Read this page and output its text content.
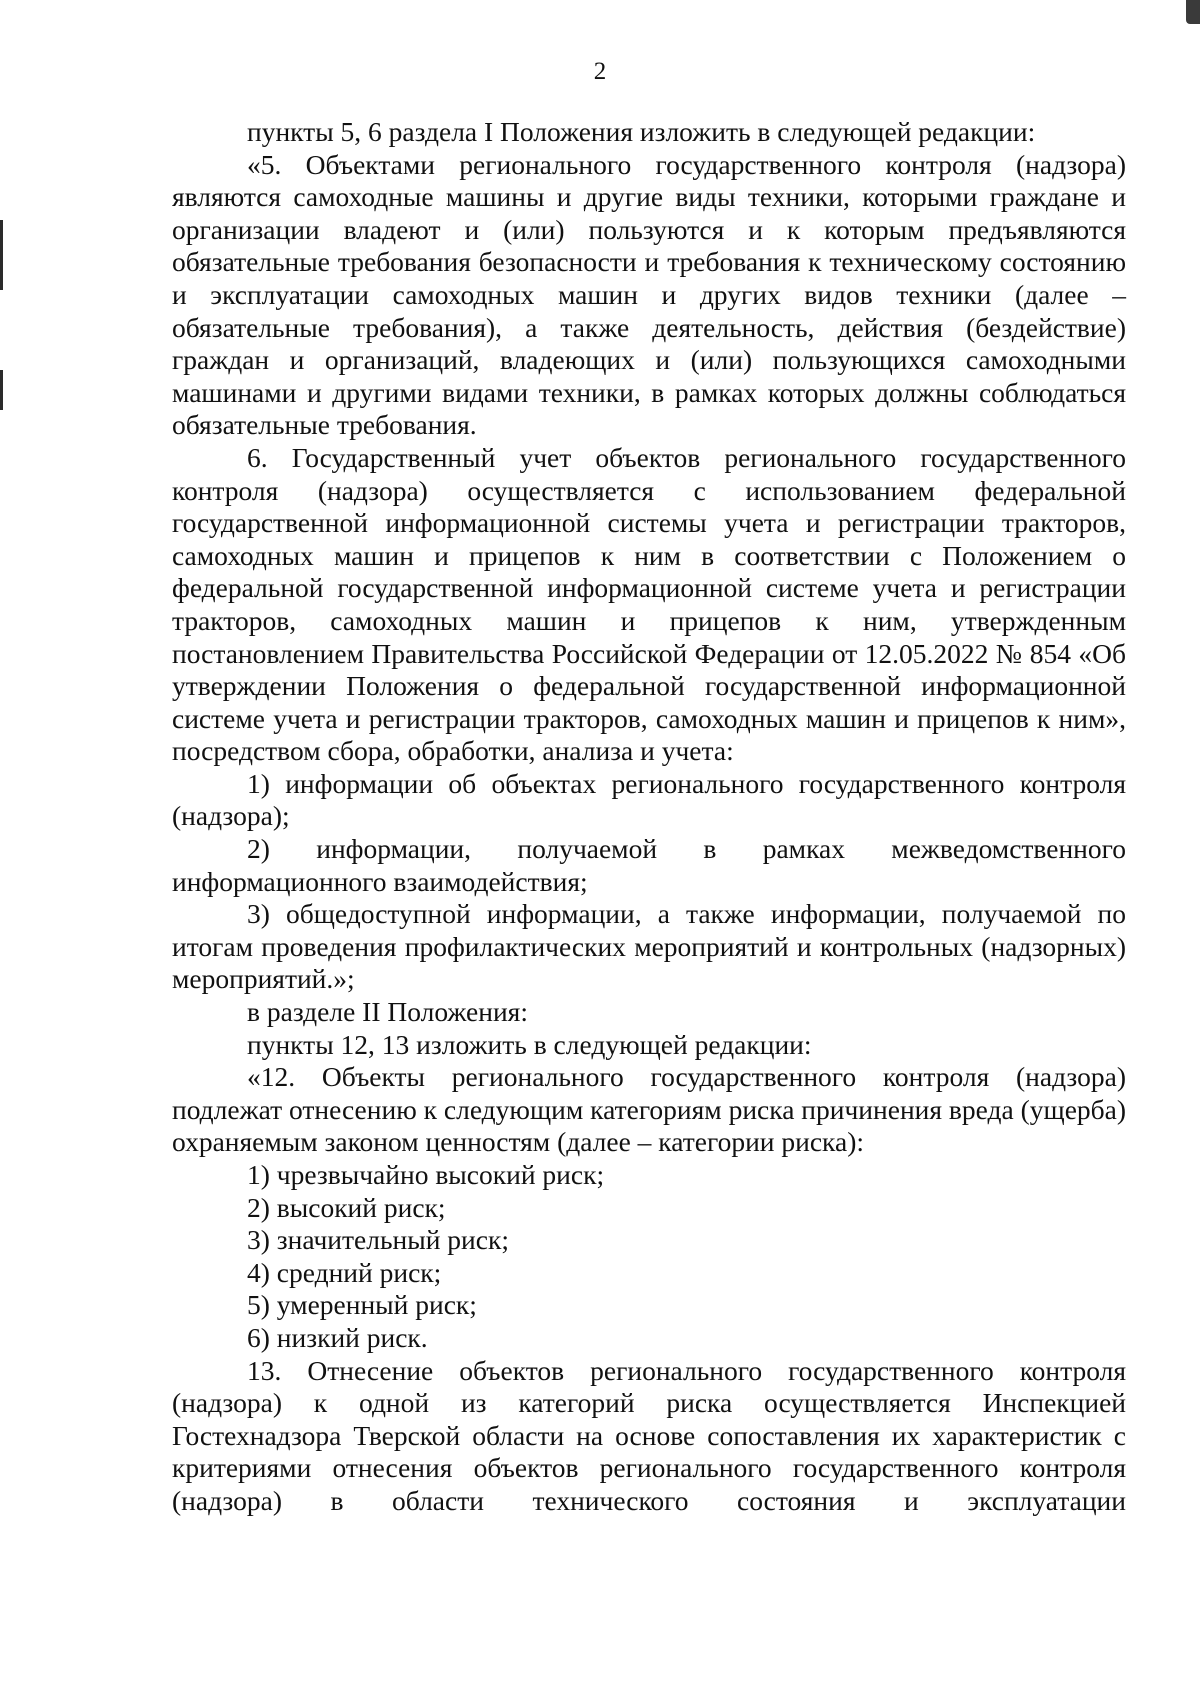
2

пункты 5, 6 раздела I Положения изложить в следующей редакции:

«5. Объектами регионального государственного контроля (надзора) являются самоходные машины и другие виды техники, которыми граждане и организации владеют и (или) пользуются и к которым предъявляются обязательные требования безопасности и требования к техническому состоянию и эксплуатации самоходных машин и других видов техники (далее – обязательные требования), а также деятельность, действия (бездействие) граждан и организаций, владеющих и (или) пользующихся самоходными машинами и другими видами техники, в рамках которых должны соблюдаться обязательные требования.

6. Государственный учет объектов регионального государственного контроля (надзора) осуществляется с использованием федеральной государственной информационной системы учета и регистрации тракторов, самоходных машин и прицепов к ним в соответствии с Положением о федеральной государственной информационной системе учета и регистрации тракторов, самоходных машин и прицепов к ним, утвержденным постановлением Правительства Российской Федерации от 12.05.2022 № 854 «Об утверждении Положения о федеральной государственной информационной системе учета и регистрации тракторов, самоходных машин и прицепов к ним», посредством сбора, обработки, анализа и учета:

1) информации об объектах регионального государственного контроля (надзора);

2) информации, получаемой в рамках межведомственного информационного взаимодействия;

3) общедоступной информации, а также информации, получаемой по итогам проведения профилактических мероприятий и контрольных (надзорных) мероприятий.»;

в разделе II Положения:

пункты 12, 13 изложить в следующей редакции:

«12. Объекты регионального государственного контроля (надзора) подлежат отнесению к следующим категориям риска причинения вреда (ущерба) охраняемым законом ценностям (далее – категории риска):

1) чрезвычайно высокий риск;

2) высокий риск;

3) значительный риск;

4) средний риск;

5) умеренный риск;

6) низкий риск.

13. Отнесение объектов регионального государственного контроля (надзора) к одной из категорий риска осуществляется Инспекцией Гостехнадзора Тверской области на основе сопоставления их характеристик с критериями отнесения объектов регионального государственного контроля (надзора) в области технического состояния и эксплуатации
